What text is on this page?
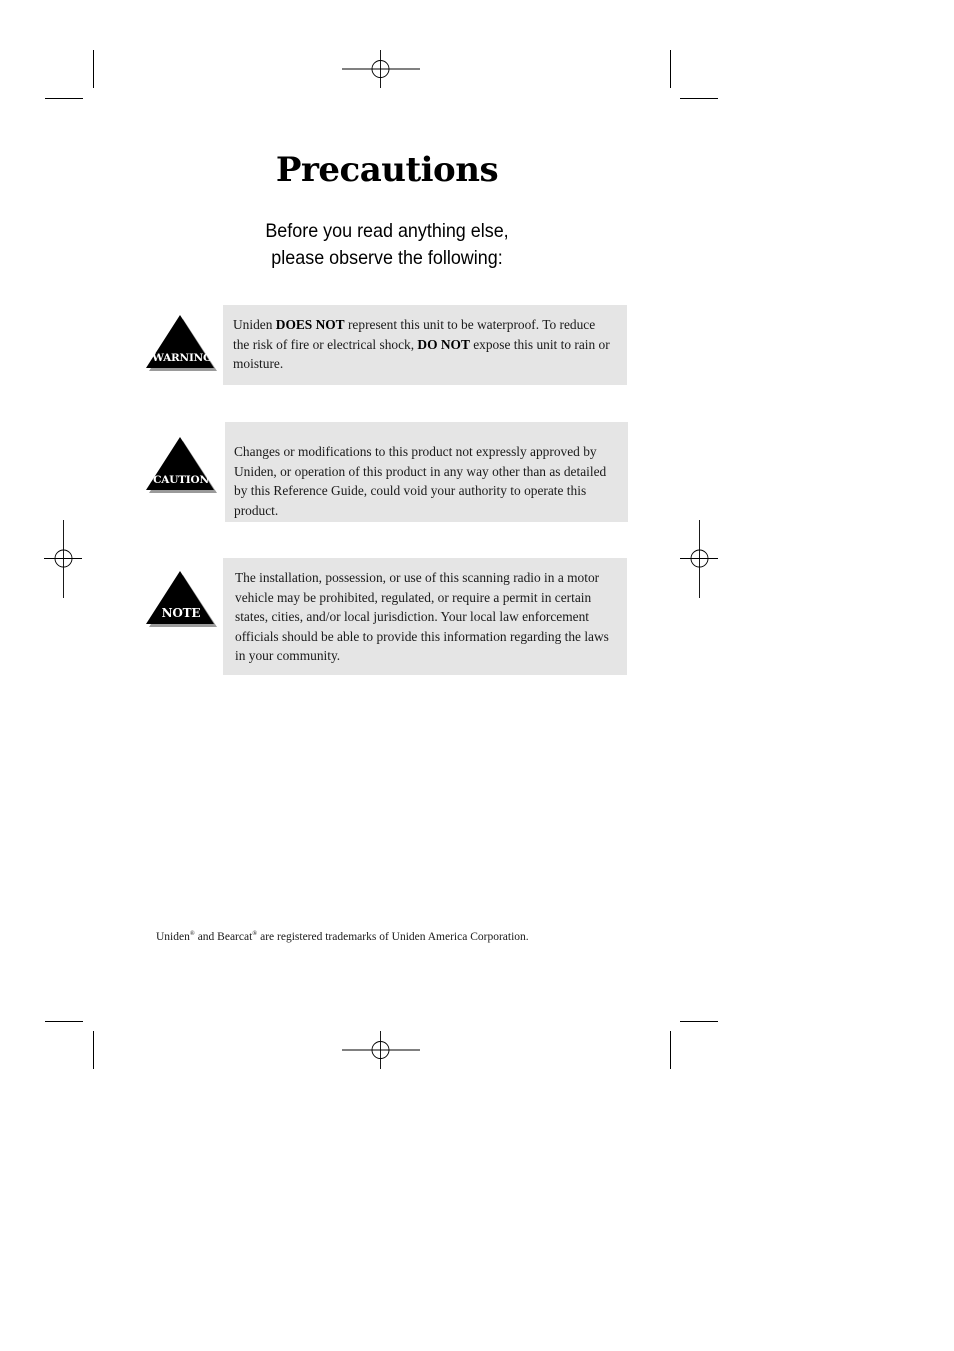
Precautions

Before you read anything else,
please observe the following:

WARNING

Uniden DOES NOT represent this unit to be waterproof. To reduce the risk of fire or electrical shock, DO NOT expose this unit to rain or moisture.

CAUTION

Changes or modifications to this product not expressly approved by Uniden, or operation of this product in any way other than as detailed by this Reference Guide, could void your authority to operate this product.

NOTE

The installation, possession, or use of this scanning radio in a motor vehicle may be prohibited, regulated, or require a permit in certain states, cities, and/or local jurisdiction. Your local law enforcement officials should be able to provide this information regarding the laws in your community.

Uniden® and Bearcat® are registered trademarks of Uniden America Corporation.
